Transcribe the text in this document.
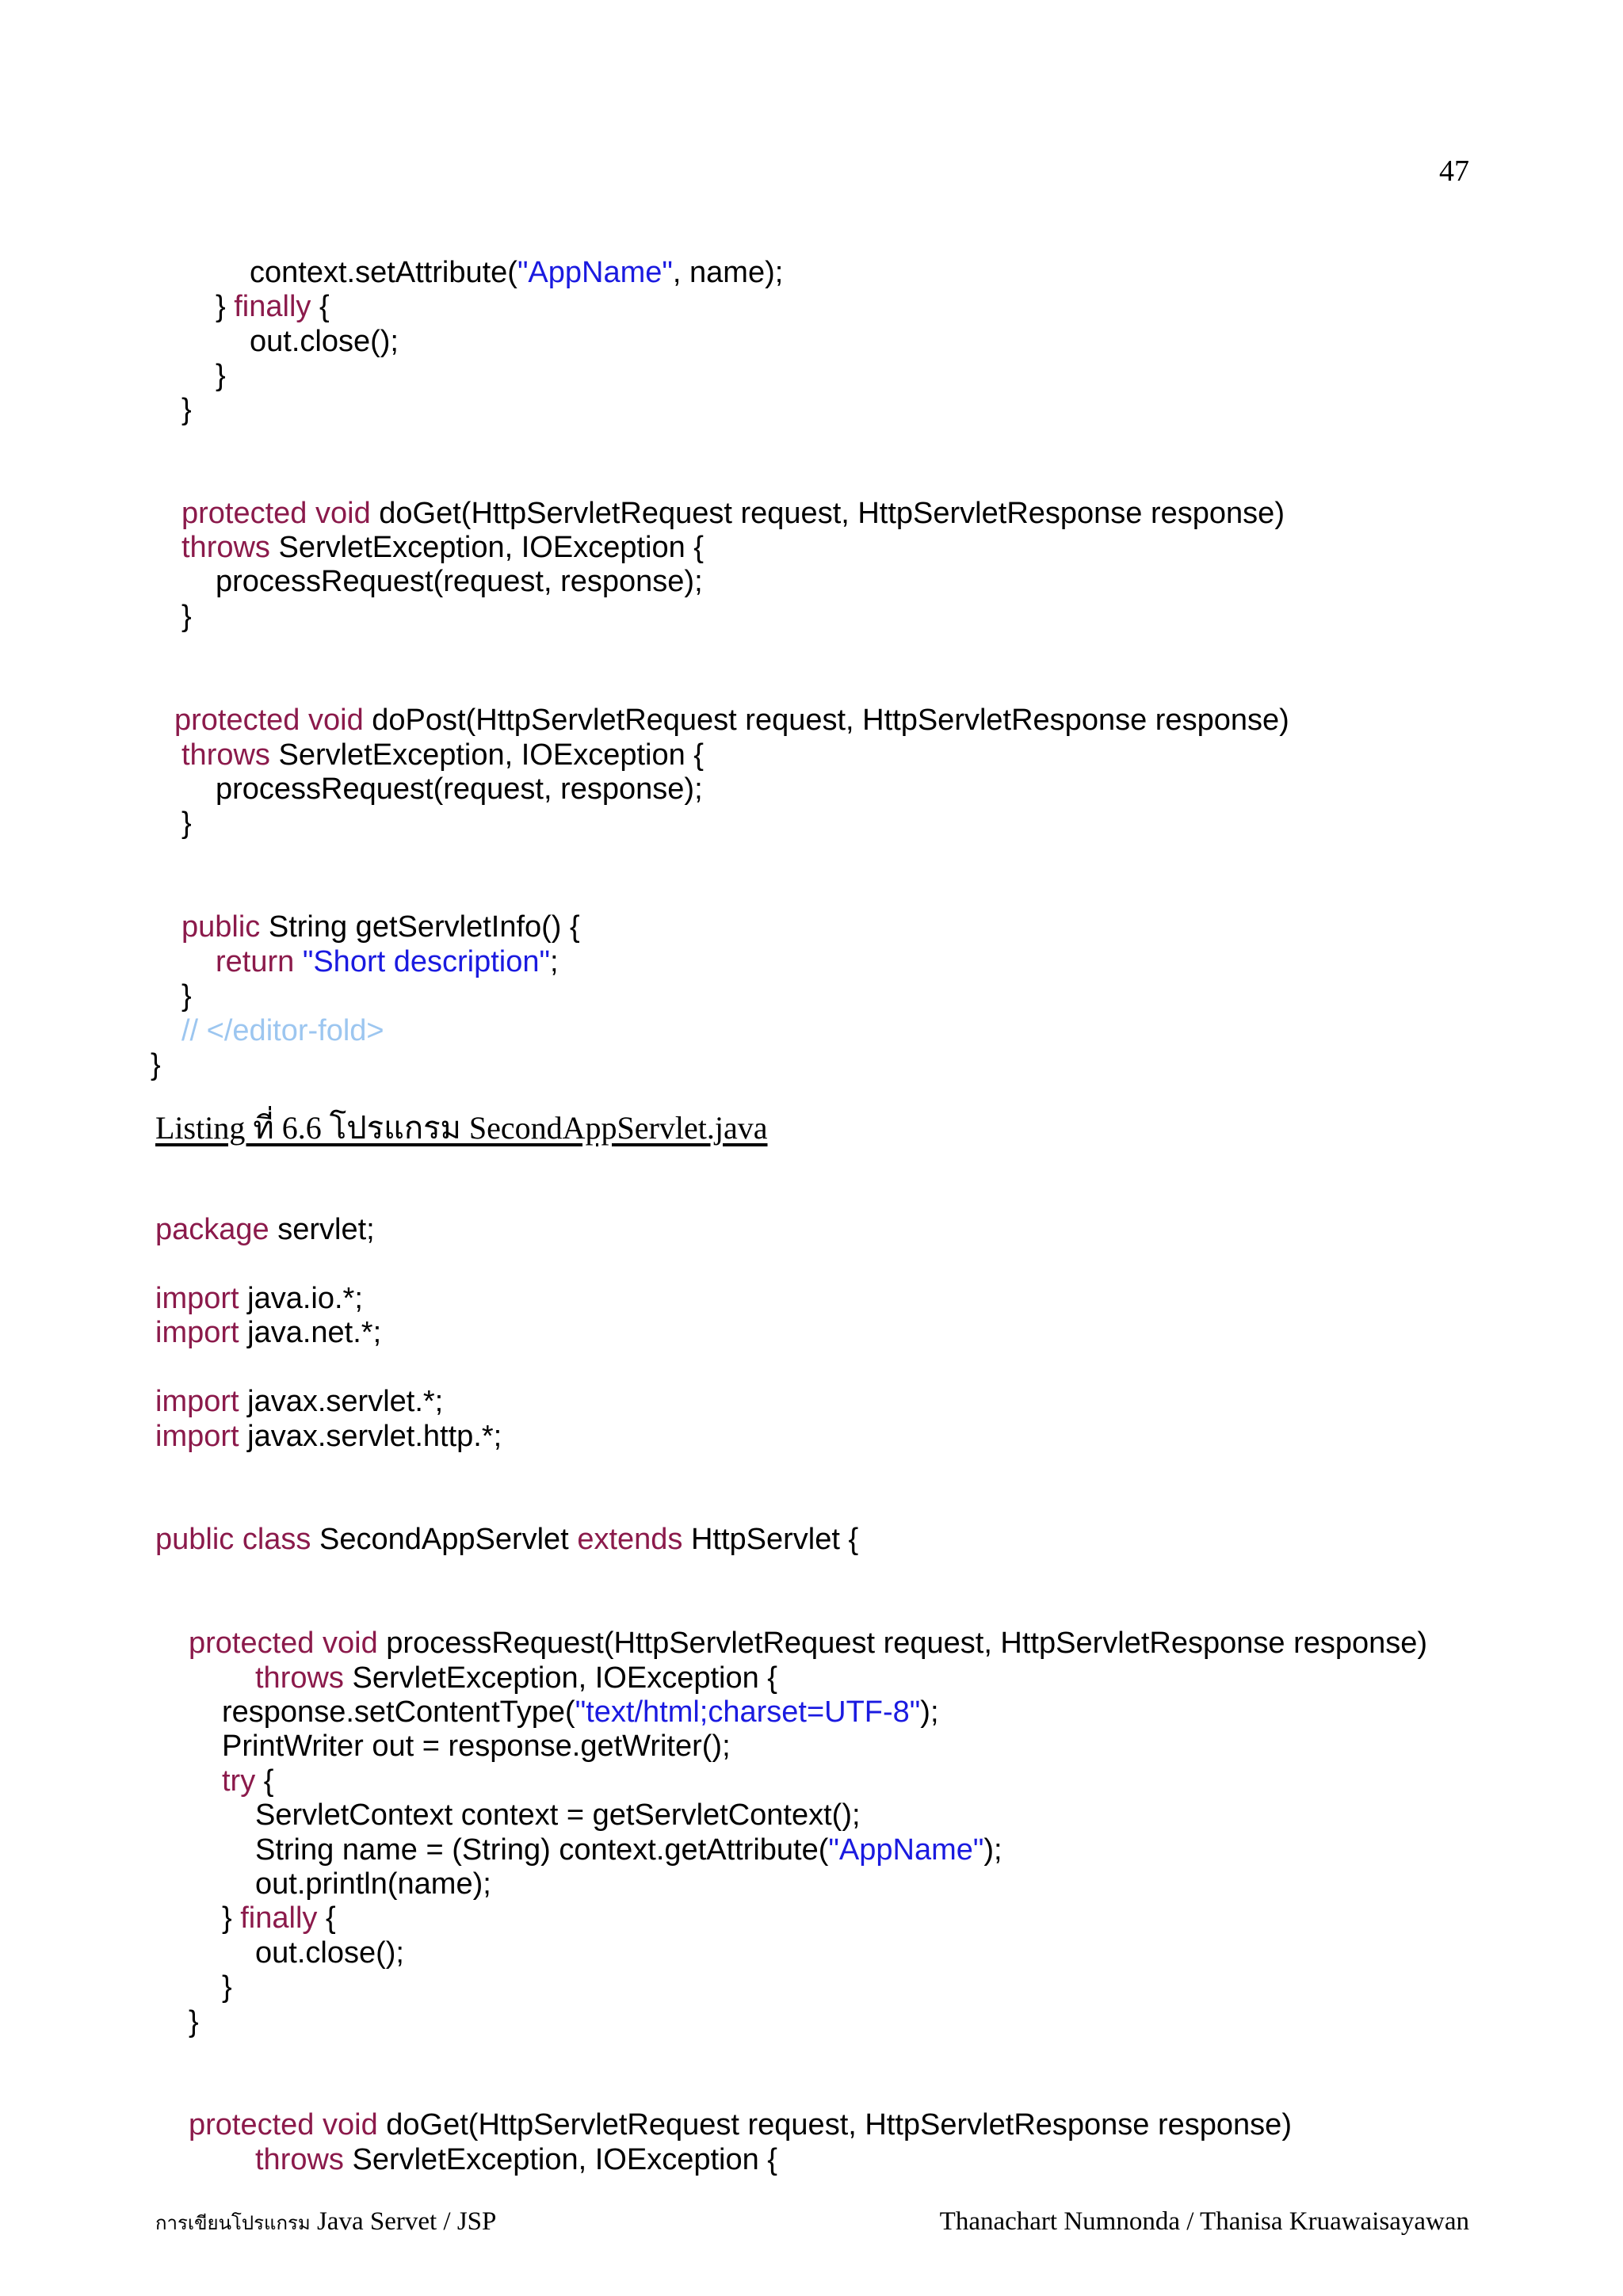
47
context.setAttribute("AppName", name);
} finally {
out.close();
}
}
protected void doGet(HttpServletRequest request, HttpServletResponse response)
throws ServletException, IOException {
processRequest(request, response);
}
protected void doPost(HttpServletRequest request, HttpServletResponse response)
throws ServletException, IOException {
processRequest(request, response);
}
public String getServletInfo() {
return "Short description";
}
// </editor-fold>
}
Listing ที่ 6.6 โปรแกรม SecondAppServlet.java
package servlet;
import java.io.*;
import java.net.*;
import javax.servlet.*;
import javax.servlet.http.*;
public class SecondAppServlet extends HttpServlet {
protected void processRequest(HttpServletRequest request, HttpServletResponse response)
throws ServletException, IOException {
response.setContentType("text/html;charset=UTF-8");
PrintWriter out = response.getWriter();
try {
ServletContext context = getServletContext();
String name = (String) context.getAttribute("AppName");
out.println(name);
} finally {
out.close();
}
}
protected void doGet(HttpServletRequest request, HttpServletResponse response)
throws ServletException, IOException {
การเขียนโปรแกรม Java Servet / JSP	Thanachart Numnonda / Thanisa Kruawaisayawan
